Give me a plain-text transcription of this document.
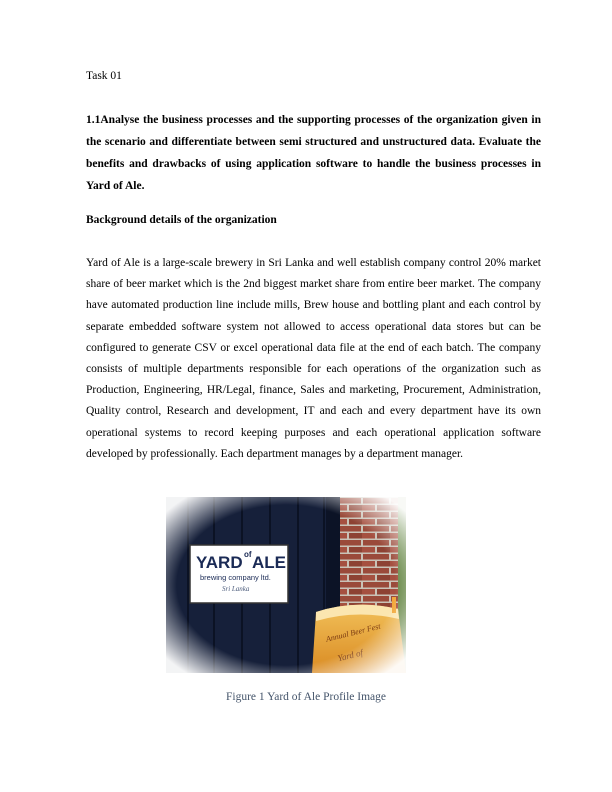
Task 01
1.1Analyse the business processes and the supporting processes of the organization given in the scenario and differentiate between semi structured and unstructured data. Evaluate the benefits and drawbacks of using application software to handle the business processes in Yard of Ale.
Background details of the organization
Yard of Ale is a large-scale brewery in Sri Lanka and well establish company control 20% market share of beer market which is the 2nd biggest market share from entire beer market. The company have automated production line include mills, Brew house and bottling plant and each control by separate embedded software system not allowed to access operational data stores but can be configured to generate CSV or excel operational data file at the end of each batch. The company consists of multiple departments responsible for each operations of the organization such as Production, Engineering, HR/Legal, finance, Sales and marketing, Procurement, Administration, Quality control, Research and development, IT and each and every department have its own operational systems to record keeping purposes and each operational application software developed by professionally. Each department manages by a department manager.
Figure 1 Yard of Ale Profile Image
